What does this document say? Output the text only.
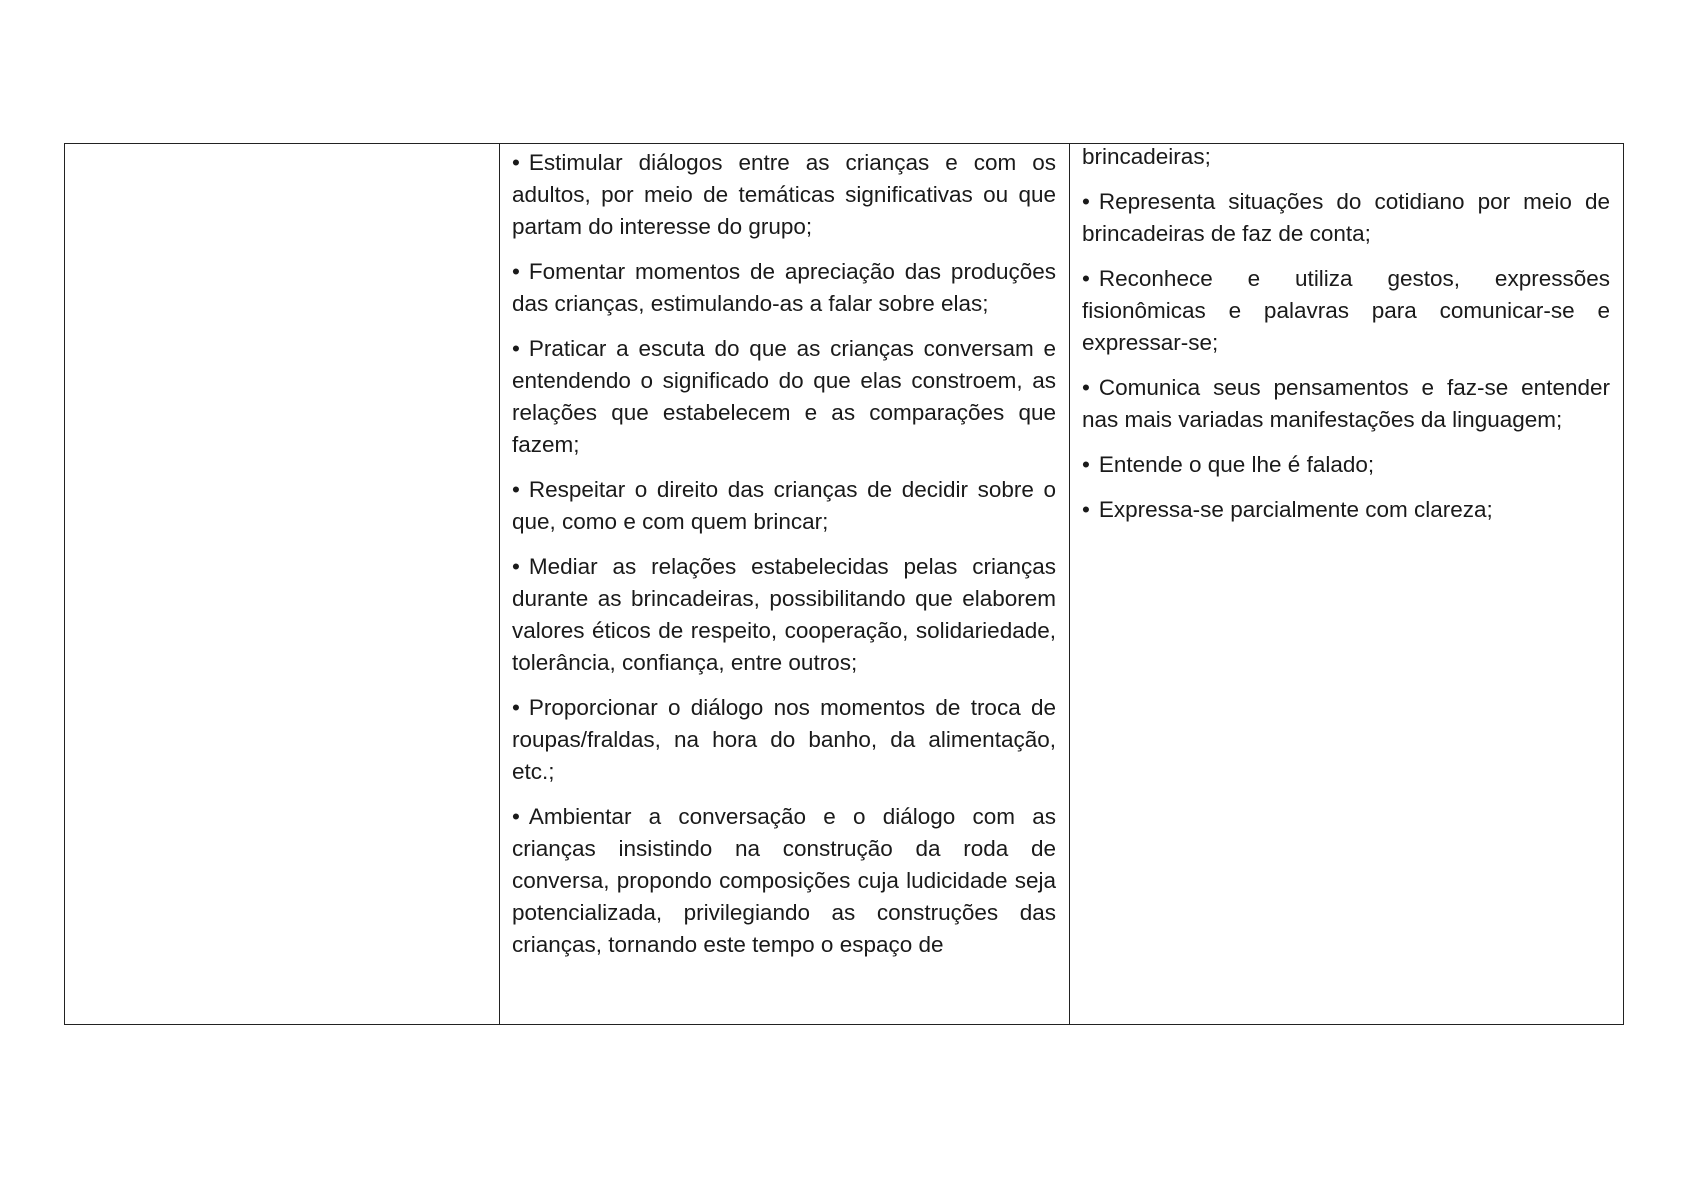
• Estimular diálogos entre as crianças e com os adultos, por meio de temáticas significativas ou que partam do interesse do grupo;

• Fomentar momentos de apreciação das produções das crianças, estimulando-as a falar sobre elas;

• Praticar a escuta do que as crianças conversam e entendendo o significado do que elas constroem, as relações que estabelecem e as comparações que fazem;

• Respeitar o direito das crianças de decidir sobre o que, como e com quem brincar;

• Mediar as relações estabelecidas pelas crianças durante as brincadeiras, possibilitando que elaborem valores éticos de respeito, cooperação, solidariedade, tolerância, confiança, entre outros;

• Proporcionar o diálogo nos momentos de troca de roupas/fraldas, na hora do banho, da alimentação, etc.;

• Ambientar a conversação e o diálogo com as crianças insistindo na construção da roda de conversa, propondo composições cuja ludicidade seja potencializada, privilegiando as construções das crianças, tornando este tempo o espaço de

brincadeiras;

• Representa situações do cotidiano por meio de brincadeiras de faz de conta;

• Reconhece e utiliza gestos, expressões fisionômicas e palavras para comunicar-se e expressar-se;

• Comunica seus pensamentos e faz-se entender nas mais variadas manifestações da linguagem;

• Entende o que lhe é falado;

• Expressa-se parcialmente com clareza;
